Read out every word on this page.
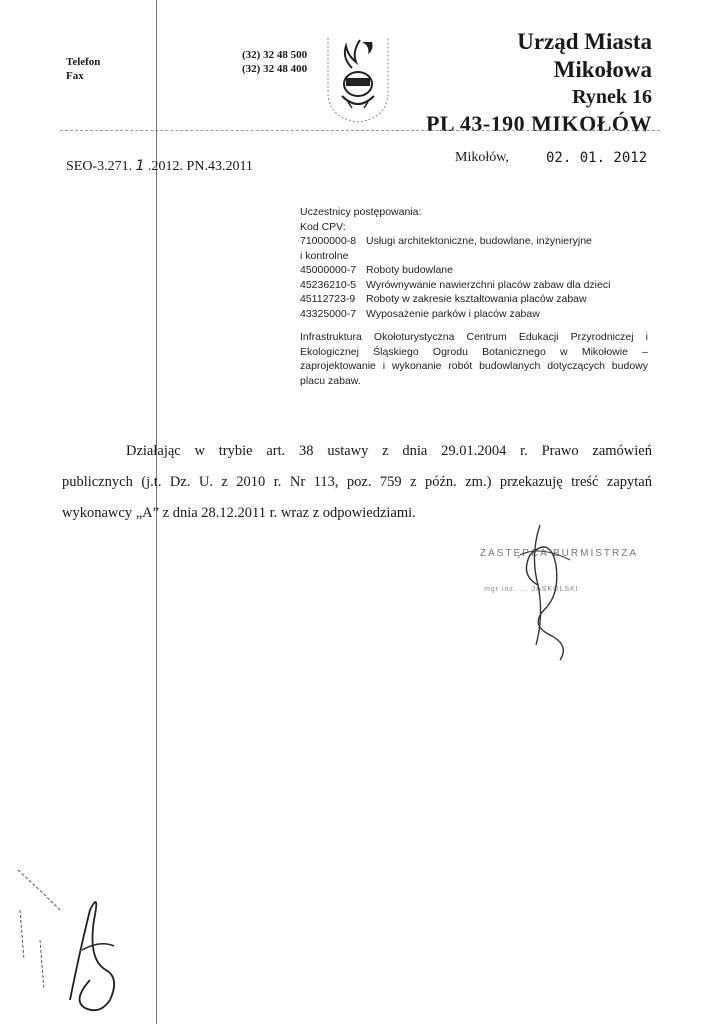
Telefon
Fax
(32) 32 48 500
(32) 32 48 400
Urząd Miasta Mikołowa
Rynek 16
PL 43-190 MIKOŁÓW
SEO-3.271. 1 .2012. PN.43.2011
Mikołów,	02. 01. 2012
Uczestnicy postępowania:
Kod CPV:
71000000-8 Usługi architektoniczne, budowlane, inżynieryjne
i kontrolne
45000000-7 Roboty budowlane
45236210-5 Wyrównywanie nawierzchni placów zabaw dla dzieci
45112723-9	Roboty w zakresie kształtowania placów zabaw
43325000-7 Wyposażenie parków i placów zabaw
Infrastruktura Okołoturystyczna Centrum Edukacji Przyrodniczej i Ekologicznej Śląskiego Ogrodu Botanicznego w Mikołowie – zaprojektowanie i wykonanie robót budowlanych dotyczących budowy placu zabaw.

Działając w trybie art. 38 ustawy z dnia 29.01.2004 r. Prawo zamówień

publicznych (j.t. Dz. U. z 2010 r. Nr 113, poz. 759 z późn. zm.) przekazuję treść zapytań

wykonawcy „A” z dnia 28.12.2011 r. wraz z odpowiedziami.

ZASTĘPCA BURMISTRZA
mgr inż. ... JASKÓLSKI
